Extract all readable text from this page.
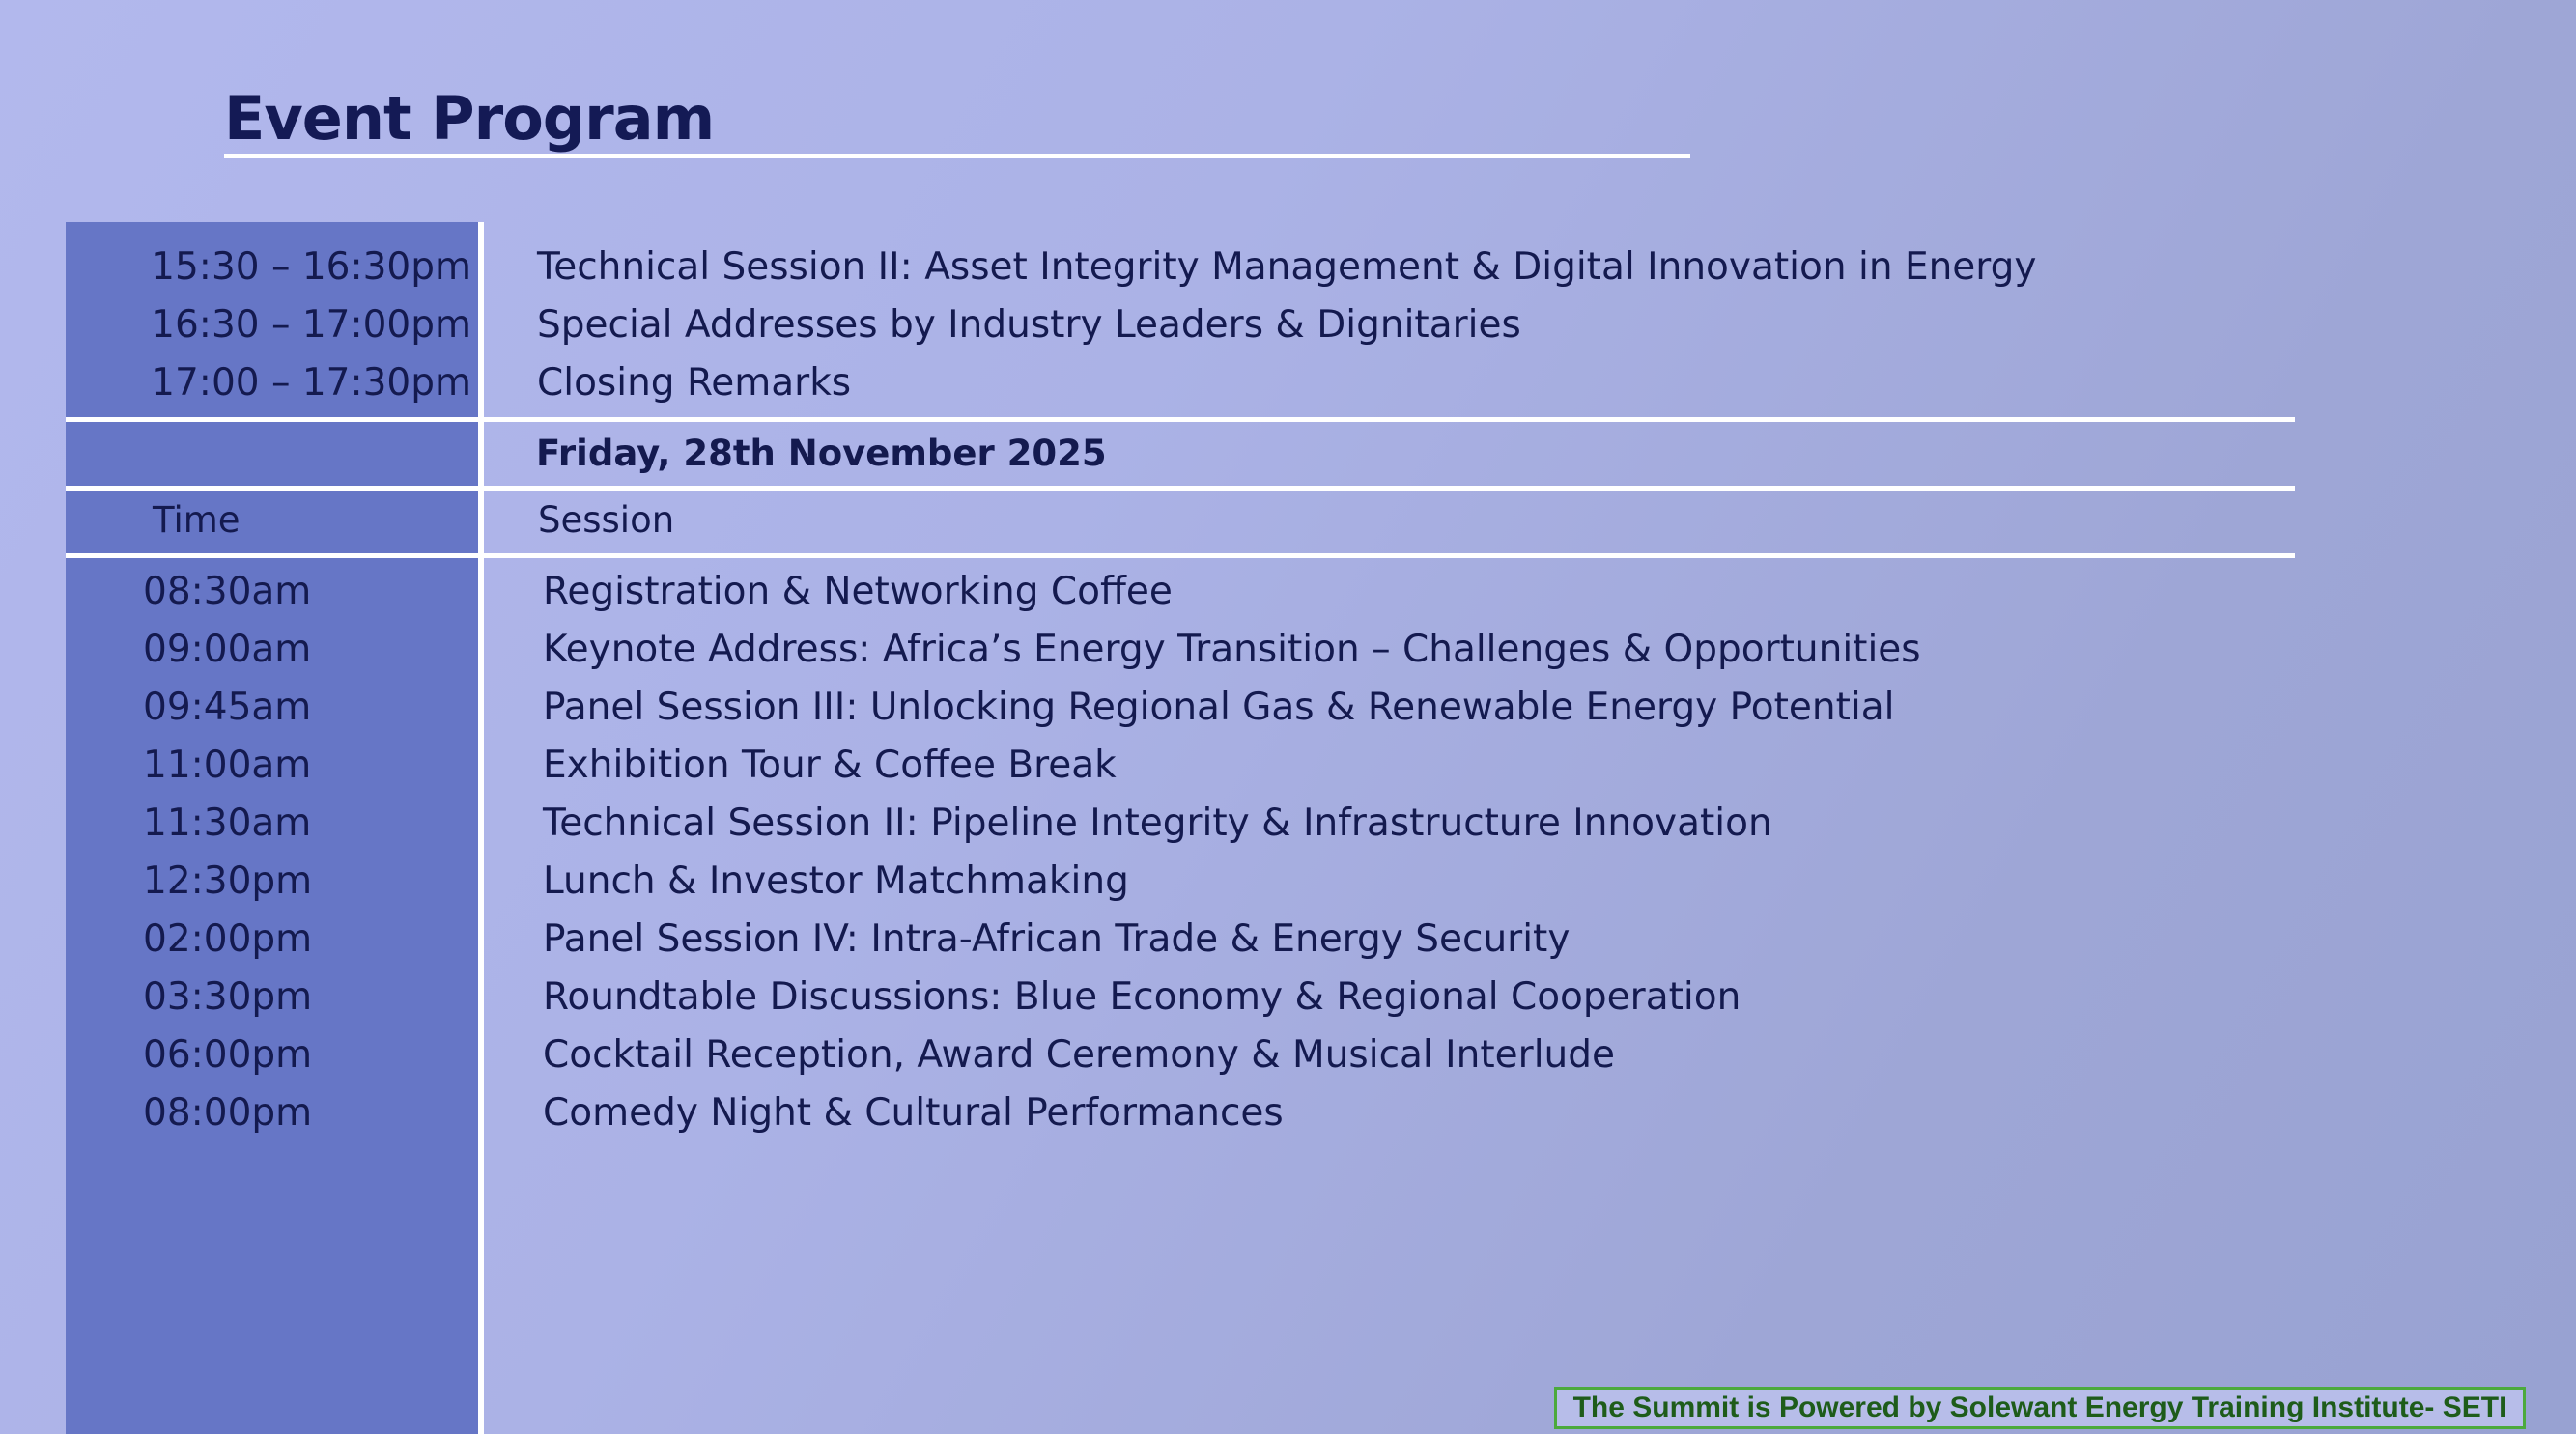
Event Program
15:30 – 16:30pm Technical Session II: Asset Integrity Management & Digital Innovation in Energy
16:30 – 17:00pm Special Addresses by Industry Leaders & Dignitaries
17:00 – 17:30pm Closing Remarks
Friday, 28th November 2025
Time	Session
08:30am	Registration & Networking Coffee
09:00am	Keynote Address: Africa’s Energy Transition – Challenges & Opportunities
09:45am	Panel Session III: Unlocking Regional Gas & Renewable Energy Potential
11:00am	Exhibition Tour & Coffee Break
11:30am	Technical Session II: Pipeline Integrity & Infrastructure Innovation
12:30pm	Lunch & Investor Matchmaking
02:00pm	Panel Session IV: Intra-African Trade & Energy Security
03:30pm	Roundtable Discussions: Blue Economy & Regional Cooperation
06:00pm	Cocktail Reception, Award Ceremony & Musical Interlude
08:00pm	Comedy Night & Cultural Performances
The Summit is Powered by Solewant Energy Training Institute- SETI
